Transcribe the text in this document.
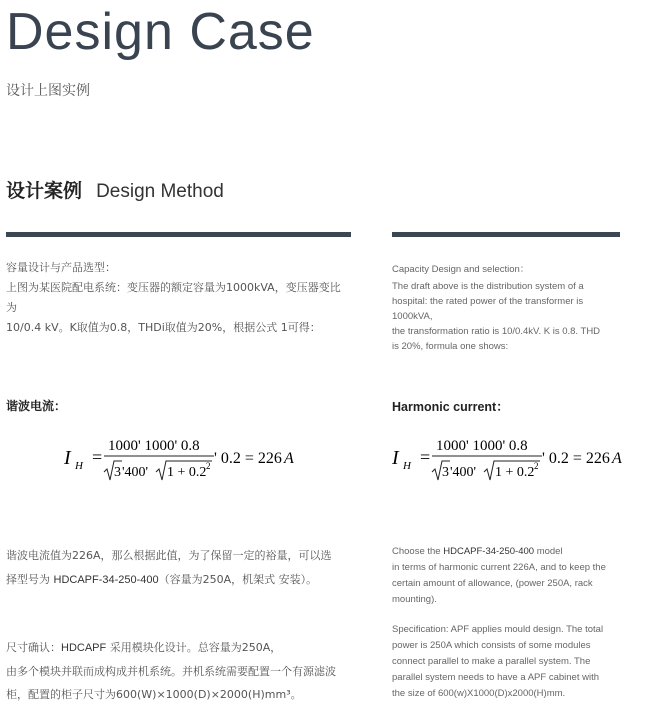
Design Case
设计上图实例
设计案例 Design Method
容量设计与产品选型：
上图为某医院配电系统：变压器的额定容量为1000kVA，变压器变比为
10/0.4 kV。K取值为0.8，THDi取值为20%，根据公式 1可得：
Capacity Design and selection：
The draft above is the distribution system of a
hospital: the rated power of the transformer is
1000kVA,
the transformation ratio is 10/0.4kV. K is 0.8. THD
is 20%, formula one shows:
谐波电流：	Harmonic current：
I H =
1000' 1000' 0.8
3 '400' 1 + 0.2 2 ' 0.2 = 226 A	I H =
1000' 1000' 0.8
3 '400' 1 + 0.2 2 ' 0.2 = 226 A
谐波电流值为226A，那么根据此值，为了保留一定的裕量，可以选
择型号为 HDCAPF-34-250-400（容量为250A，机架式 安装）。
Choose the HDCAPF-34-250-400 model
in terms of harmonic current 226A, and to keep the
certain amount of allowance, (power 250A, rack
mounting).
尺寸确认：HDCAPF 采用模块化设计。总容量为250A，
由多个模块并联而成构成并机系统。并机系统需要配置一个有源滤波
柜，配置的柜子尺寸为600(W)×1000(D)×2000(H)mm³。
Specification: APF applies mould design. The total
power is 250A which consists of some modules
connect parallel to make a parallel system. The
parallel system needs to have a APF cabinet with
the size of 600(w)X1000(D)x2000(H)mm.
